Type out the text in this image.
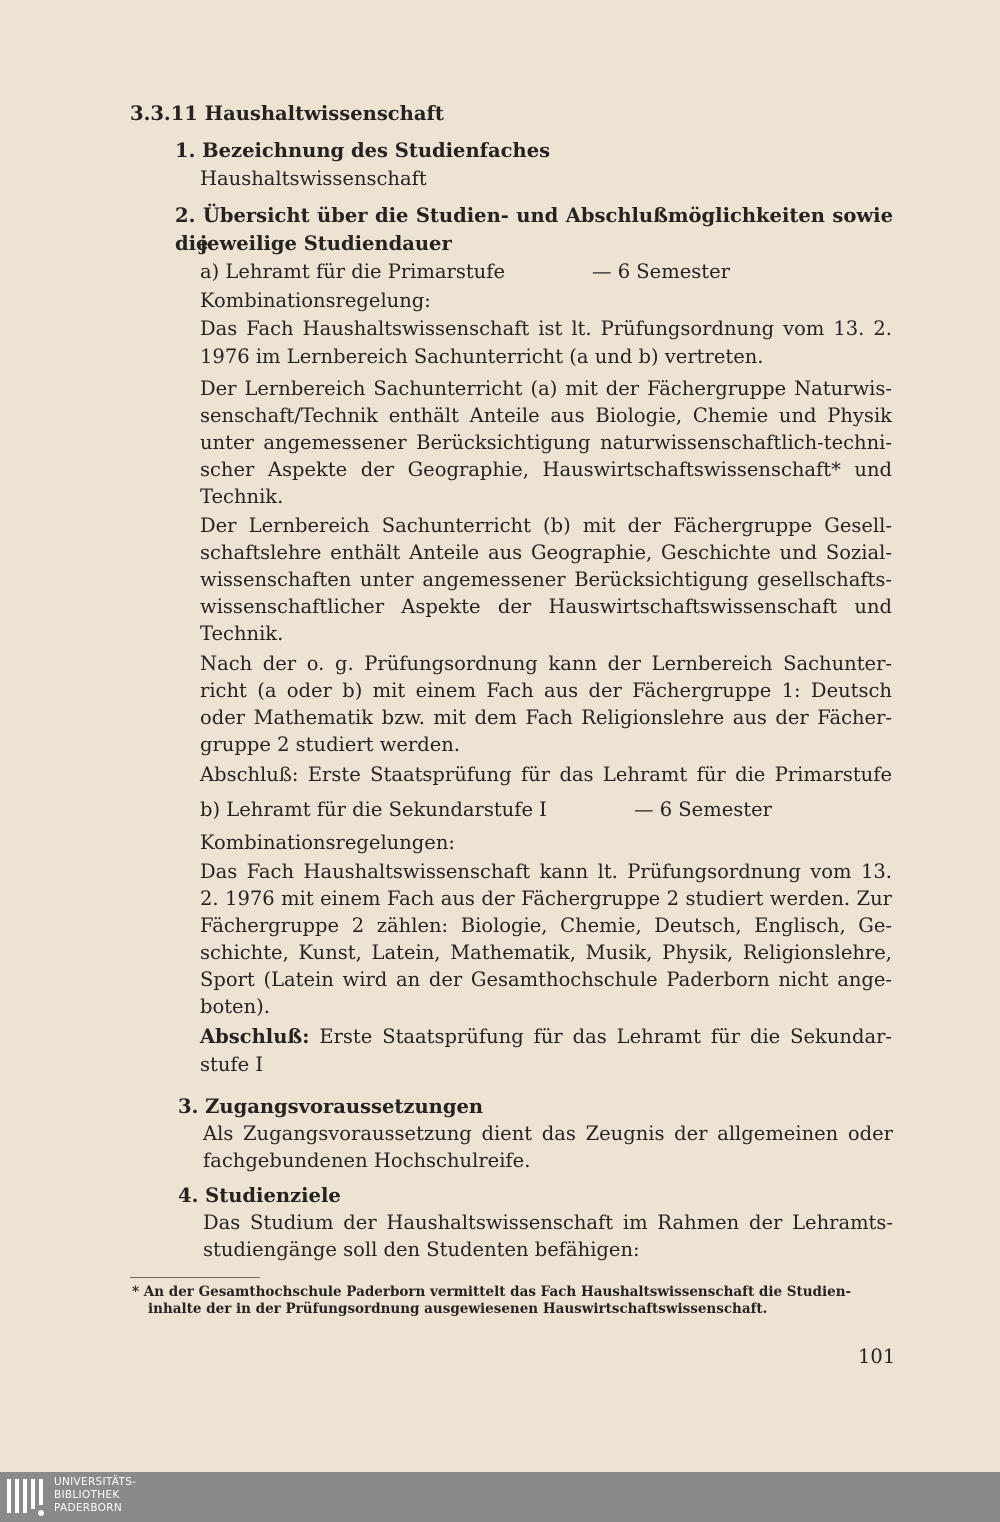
3.3.11 Haushaltwissenschaft
1. Bezeichnung des Studienfaches
Haushaltswissenschaft
2. Übersicht über die Studien- und Abschlußmöglichkeiten sowie die
jeweilige Studiendauer
a) Lehramt für die Primarstufe	— 6 Semester
Kombinationsregelung:
Das Fach Haushaltswissenschaft ist lt. Prüfungsordnung vom 13. 2.
1976 im Lernbereich Sachunterricht (a und b) vertreten.
Der Lernbereich Sachunterricht (a) mit der Fächergruppe Naturwis-
senschaft/Technik enthält Anteile aus Biologie, Chemie und Physik
unter angemessener Berücksichtigung naturwissenschaftlich-techni-
scher Aspekte der Geographie, Hauswirtschaftswissenschaft* und
Technik.
Der Lernbereich Sachunterricht (b) mit der Fächergruppe Gesell-
schaftslehre enthält Anteile aus Geographie, Geschichte und Sozial-
wissenschaften unter angemessener Berücksichtigung gesellschafts-
wissenschaftlicher Aspekte der Hauswirtschaftswissenschaft und
Technik.
Nach der o. g. Prüfungsordnung kann der Lernbereich Sachunter-
richt (a oder b) mit einem Fach aus der Fächergruppe 1: Deutsch
oder Mathematik bzw. mit dem Fach Religionslehre aus der Fächer-
gruppe 2 studiert werden.
Abschluß: Erste Staatsprüfung für das Lehramt für die Primarstufe
b) Lehramt für die Sekundarstufe I	— 6 Semester
Kombinationsregelungen:
Das Fach Haushaltswissenschaft kann lt. Prüfungsordnung vom 13.
2. 1976 mit einem Fach aus der Fächergruppe 2 studiert werden. Zur
Fächergruppe 2 zählen: Biologie, Chemie, Deutsch, Englisch, Ge-
schichte, Kunst, Latein, Mathematik, Musik, Physik, Religionslehre,
Sport (Latein wird an der Gesamthochschule Paderborn nicht ange-
boten).
Abschluß: Erste Staatsprüfung für das Lehramt für die Sekundar-
stufe I
3. Zugangsvoraussetzungen
Als Zugangsvoraussetzung dient das Zeugnis der allgemeinen oder
fachgebundenen Hochschulreife.
4. Studienziele
Das Studium der Haushaltswissenschaft im Rahmen der Lehramts-
studiengänge soll den Studenten befähigen:
* An der Gesamthochschule Paderborn vermittelt das Fach Haushaltswissenschaft die Studien-
inhalte der in der Prüfungsordnung ausgewiesenen Hauswirtschaftswissenschaft.
101
UNIVERSITÄTS-
BIBLIOTHEK
PADERBORN
